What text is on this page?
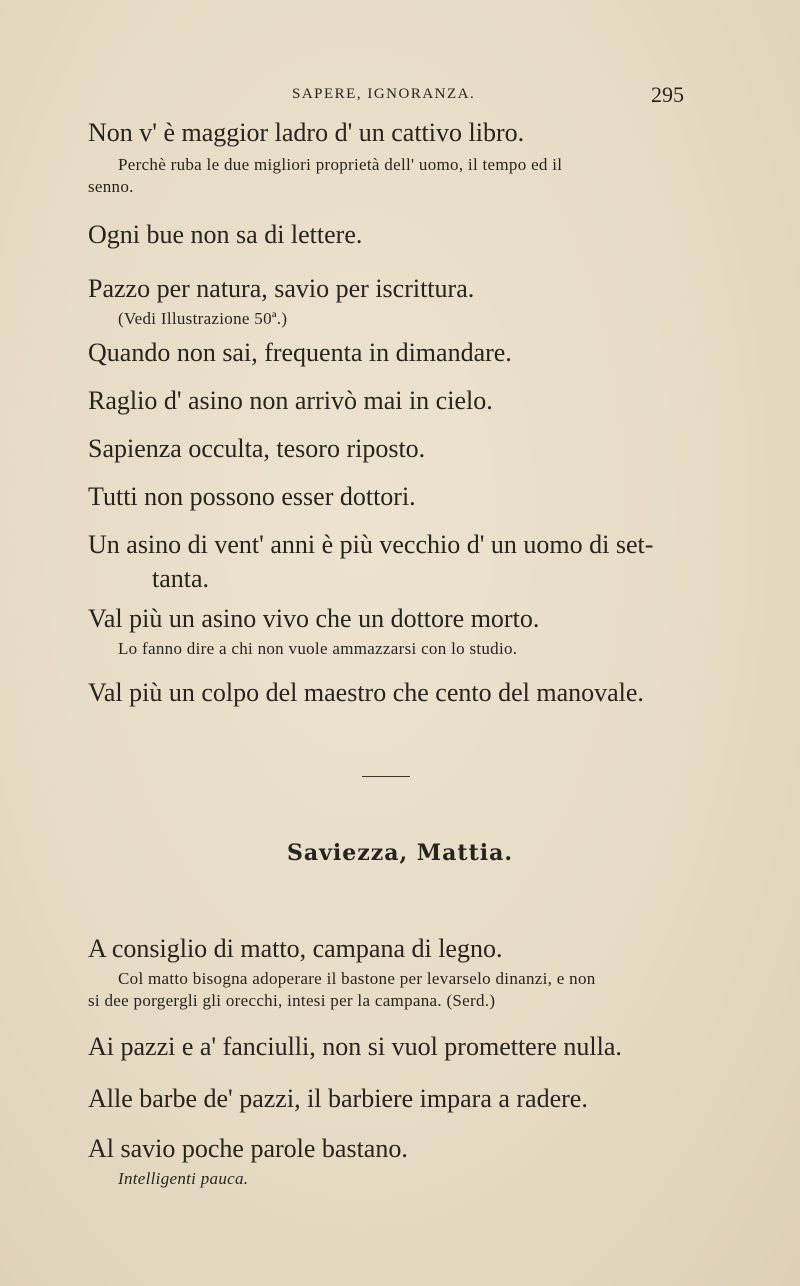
SAPERE, IGNORANZA.	295

Non v' è maggior ladro d' un cattivo libro.

Perchè ruba le due migliori proprietà dell' uomo, il tempo ed il
senno.

Ogni bue non sa di lettere.

Pazzo per natura, savio per iscrittura.

(Vedi Illustrazione 50ª.)

Quando non sai, frequenta in dimandare.

Raglio d' asino non arrivò mai in cielo.

Sapienza occulta, tesoro riposto.

Tutti non possono esser dottori.

Un asino di vent' anni è più vecchio d' un uomo di set-

tanta.

Val più un asino vivo che un dottore morto.

Lo fanno dire a chi non vuole ammazzarsi con lo studio.

Val più un colpo del maestro che cento del manovale.

Saviezza, Mattia.

A consiglio di matto, campana di legno.

Col matto bisogna adoperare il bastone per levarselo dinanzi, e non
si dee porgergli gli orecchi, intesi per la campana. (Serd.)

Ai pazzi e a' fanciulli, non si vuol promettere nulla.

Alle barbe de' pazzi, il barbiere impara a radere.

Al savio poche parole bastano.

Intelligenti pauca.
